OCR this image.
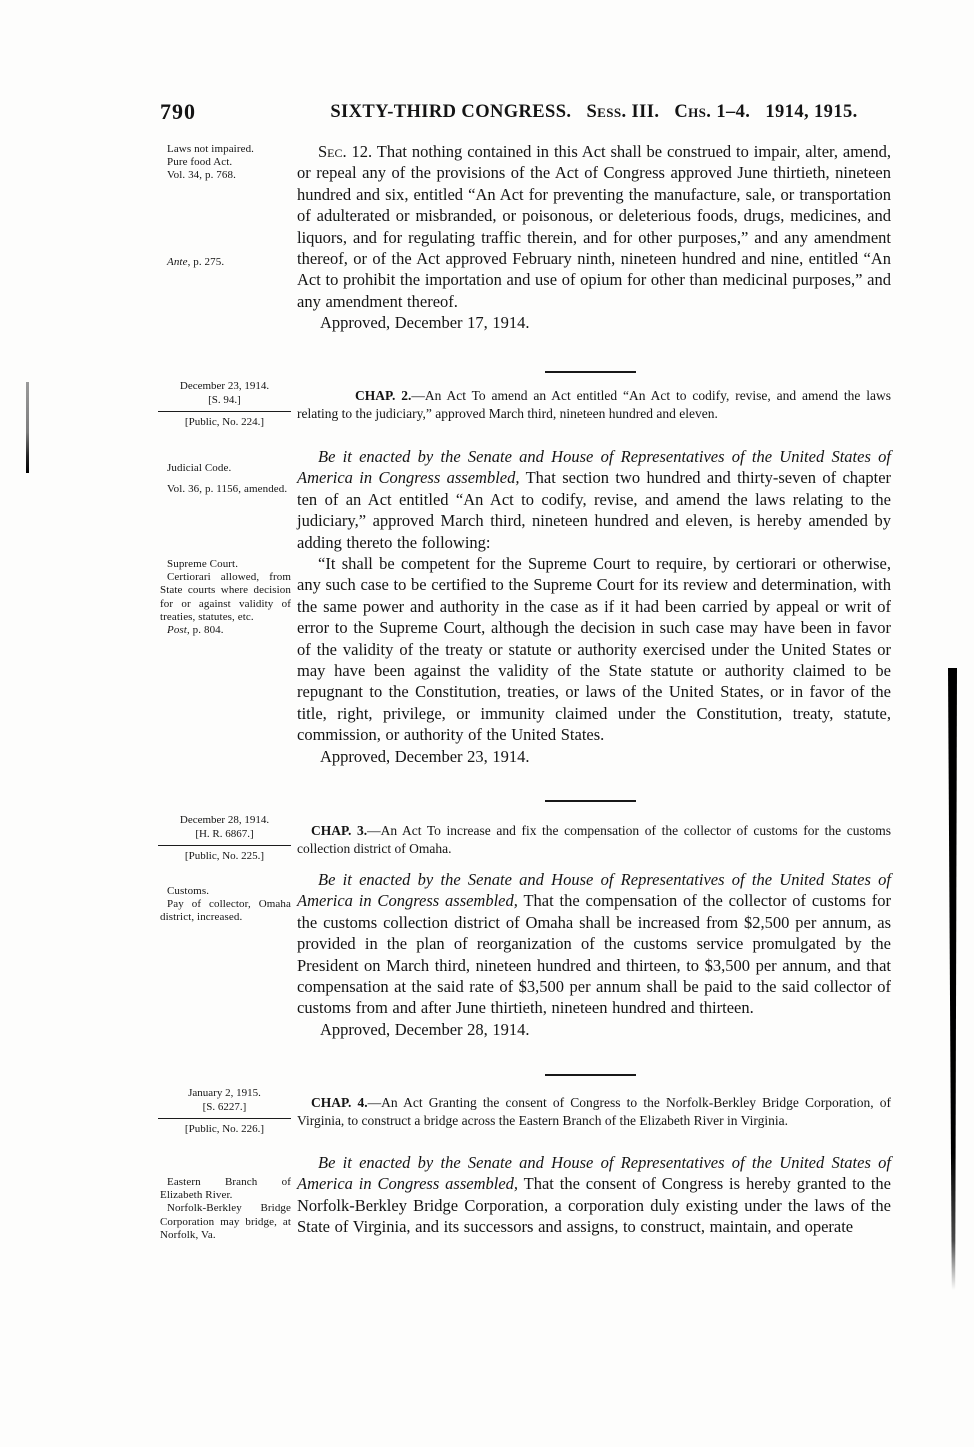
790	SIXTY-THIRD CONGRESS. Sess. III. Chs. 1–4. 1914, 1915.

Laws not impaired.

Pure food Act.

Vol. 34, p. 768.

Ante, p. 275.

Sec. 12. That nothing contained in this Act shall be construed to impair, alter, amend, or repeal any of the provisions of the Act of Congress approved June thirtieth, nineteen hundred and six, entitled “An Act for preventing the manufacture, sale, or transportation of adulterated or misbranded, or poisonous, or deleterious foods, drugs, medicines, and liquors, and for regulating traffic therein, and for other purposes,” and any amendment thereof, or of the Act approved February ninth, nineteen hundred and nine, entitled “An Act to prohibit the importation and use of opium for other than medicinal purposes,” and any amendment thereof.

Approved, December 17, 1914.

December 23, 1914.

[S. 94.]

[Public, No. 224.]

CHAP. 2.—An Act To amend an Act entitled “An Act to codify, revise, and amend the laws relating to the judiciary,” approved March third, nineteen hundred and eleven.

Judicial Code.

Vol. 36, p. 1156, amended.

Supreme Court.

Certiorari allowed, from State courts where decision for or against validity of treaties, statutes, etc.

Post, p. 804.

Be it enacted by the Senate and House of Representatives of the United States of America in Congress assembled, That section two hundred and thirty-seven of chapter ten of an Act entitled “An Act to codify, revise, and amend the laws relating to the judiciary,” approved March third, nineteen hundred and eleven, is hereby amended by adding thereto the following:

“It shall be competent for the Supreme Court to require, by certiorari or otherwise, any such case to be certified to the Supreme Court for its review and determination, with the same power and authority in the case as if it had been carried by appeal or writ of error to the Supreme Court, although the decision in such case may have been in favor of the validity of the treaty or statute or authority exercised under the United States or may have been against the validity of the State statute or authority claimed to be repugnant to the Constitution, treaties, or laws of the United States, or in favor of the title, right, privilege, or immunity claimed under the Constitution, treaty, statute, commission, or authority of the United States.

Approved, December 23, 1914.

December 28, 1914.

[H. R. 6867.]

[Public, No. 225.]

CHAP. 3.—An Act To increase and fix the compensation of the collector of customs for the customs collection district of Omaha.

Customs.

Pay of collector, Omaha district, increased.

Be it enacted by the Senate and House of Representatives of the United States of America in Congress assembled, That the compensation of the collector of customs for the customs collection district of Omaha shall be increased from $2,500 per annum, as provided in the plan of reorganization of the customs service promulgated by the President on March third, nineteen hundred and thirteen, to $3,500 per annum, and that compensation at the said rate of $3,500 per annum shall be paid to the said collector of customs from and after June thirtieth, nineteen hundred and thirteen.

Approved, December 28, 1914.

January 2, 1915.

[S. 6227.]

[Public, No. 226.]

CHAP. 4.—An Act Granting the consent of Congress to the Norfolk-Berkley Bridge Corporation, of Virginia, to construct a bridge across the Eastern Branch of the Elizabeth River in Virginia.

Eastern Branch of Elizabeth River.

Norfolk-Berkley Bridge Corporation may bridge, at Norfolk, Va.

Be it enacted by the Senate and House of Representatives of the United States of America in Congress assembled, That the consent of Congress is hereby granted to the Norfolk-Berkley Bridge Corporation, a corporation duly existing under the laws of the State of Virginia, and its successors and assigns, to construct, maintain, and operate
